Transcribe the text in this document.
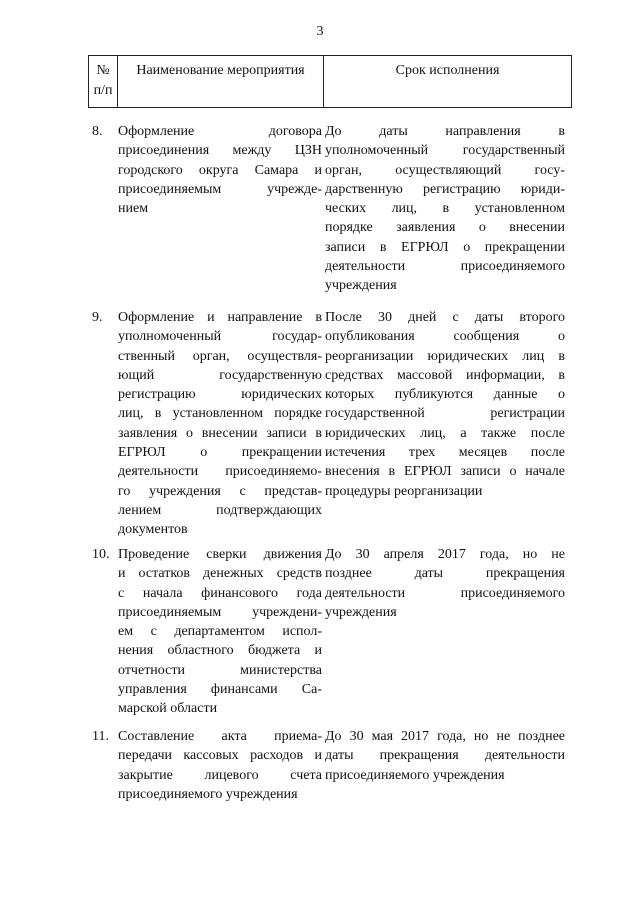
3
№
п/п
Наименование мероприятия	Срок исполнения
8. Оформление договора
присоединения между ЦЗН
городского округа Самара и
присоединяемым учрежде-
нием
До даты направления в
уполномоченный государственный
орган, осуществляющий госу-
дарственную регистрацию юриди-
ческих лиц, в установленном
порядке заявления о внесении
записи в ЕГРЮЛ о прекращении
деятельности присоединяемого
учреждения
9. Оформление и направление в
уполномоченный государ-
ственный орган, осуществля-
ющий государственную
регистрацию юридических
лиц, в установленном порядке
заявления о внесении записи в
ЕГРЮЛ о прекращении
деятельности присоединяемо-
го учреждения с представ-
лением подтверждающих
документов
После 30 дней с даты второго
опубликования сообщения о
реорганизации юридических лиц в
средствах массовой информации, в
которых публикуются данные о
государственной регистрации
юридических лиц, а также после
истечения трех месяцев после
внесения в ЕГРЮЛ записи о начале
процедуры реорганизации
10. Проведение сверки движения
и остатков денежных средств
с начала финансового года
присоединяемым учреждени-
ем с департаментом испол-
нения областного бюджета и
отчетности министерства
управления финансами Са-
марской области
До 30 апреля 2017 года, но не
позднее даты прекращения
деятельности присоединяемого
учреждения
11. Составление акта приема-
передачи кассовых расходов и
закрытие лицевого счета
присоединяемого учреждения
До 30 мая 2017 года, но не позднее
даты прекращения деятельности
присоединяемого учреждения
